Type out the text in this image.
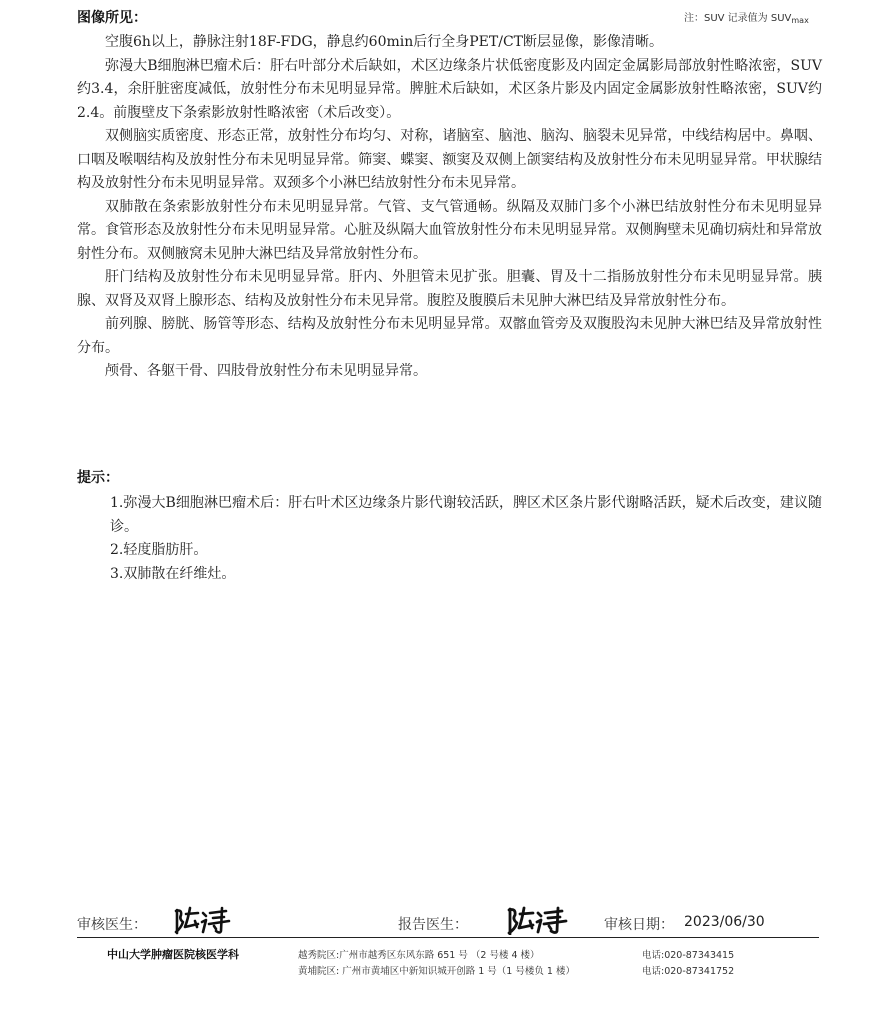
图像所见：	注：SUV 记录值为 $SUV_{max}$

空腹6h以上，静脉注射18F-FDG，静息约60min后行全身PET/CT断层显像，影像清晰。

弥漫大B细胞淋巴瘤术后：肝右叶部分术后缺如，术区边缘条片状低密度影及内固定金属影局部放射性略浓密，SUV约3.4，余肝脏密度减低，放射性分布未见明显异常。脾脏术后缺如，术区条片影及内固定金属影放射性略浓密，SUV约2.4。前腹壁皮下条索影放射性略浓密（术后改变）。

双侧脑实质密度、形态正常，放射性分布均匀、对称，诸脑室、脑池、脑沟、脑裂未见异常，中线结构居中。鼻咽、口咽及喉咽结构及放射性分布未见明显异常。筛窦、蝶窦、额窦及双侧上颌窦结构及放射性分布未见明显异常。甲状腺结构及放射性分布未见明显异常。双颈多个小淋巴结放射性分布未见异常。

双肺散在条索影放射性分布未见明显异常。气管、支气管通畅。纵隔及双肺门多个小淋巴结放射性分布未见明显异常。食管形态及放射性分布未见明显异常。心脏及纵隔大血管放射性分布未见明显异常。双侧胸壁未见确切病灶和异常放射性分布。双侧腋窝未见肿大淋巴结及异常放射性分布。

肝门结构及放射性分布未见明显异常。肝内、外胆管未见扩张。胆囊、胃及十二指肠放射性分布未见明显异常。胰腺、双肾及双肾上腺形态、结构及放射性分布未见异常。腹腔及腹膜后未见肿大淋巴结及异常放射性分布。

前列腺、膀胱、肠管等形态、结构及放射性分布未见明显异常。双髂血管旁及双腹股沟未见肿大淋巴结及异常放射性分布。

颅骨、各躯干骨、四肢骨放射性分布未见明显异常。

提示：

1.弥漫大B细胞淋巴瘤术后：肝右叶术区边缘条片影代谢较活跃，脾区术区条片影代谢略活跃，疑术后改变，建议随诊。

2.轻度脂肪肝。

3.双肺散在纤维灶。

审核医生：	报告医生：	审核日期： 2023/06/30
中山大学肿瘤医院核医学科	越秀院区:广州市越秀区东风东路 651 号 （2 号楼 4 楼）
黄埔院区: 广州市黄埔区中新知识城开创路 1 号（1 号楼负 1 楼）
电话:020-87343415
电话:020-87341752
